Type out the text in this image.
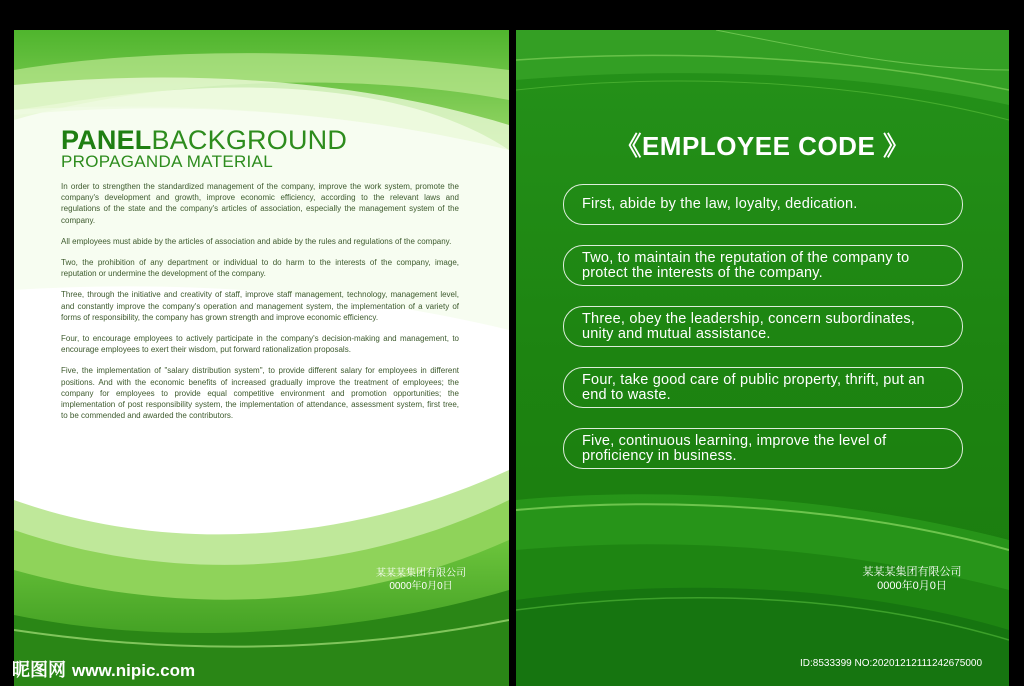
PANELBACKGROUND
PROPAGANDA MATERIAL

In order to strengthen the standardized management of the company, improve the work system, promote the company's development and growth, improve economic efficiency, according to the relevant laws and regulations of the state and the company's articles of association, especially the management system of the company.

All employees must abide by the articles of association and abide by the rules and regulations of the company.

Two, the prohibition of any department or individual to do harm to the interests of the company, image, reputation or undermine the development of the company.

Three, through the initiative and creativity of staff, improve staff management, technology, management level, and constantly improve the company's operation and management system, the implementation of a variety of forms of responsibility, the company has grown strength and improve economic efficiency.

Four, to encourage employees to actively participate in the company's decision-making and management, to encourage employees to exert their wisdom, put forward rationalization proposals.

Five, the implementation of "salary distribution system", to provide different salary for employees in different positions. And with the economic benefits of increased gradually improve the treatment of employees; the company for employees to provide equal competitive environment and promotion opportunities; the implementation of post responsibility system, the implementation of attendance, assessment system, first tree, to be commended and awarded the contributors.

某某某集团有限公司
0000年0月0日
《EMPLOYEE CODE 》
First, abide by the law, loyalty, dedication.
Two, to maintain the reputation of the company to protect the interests of the company.
Three, obey the leadership, concern subordinates, unity and mutual assistance.
Four, take good care of public property, thrift, put an end to waste.
Five, continuous learning, improve the level of proficiency in business.
某某某集团有限公司
0000年0月0日
昵图网 www.nipic.com	ID:8533399 NO:20201212111242675000
